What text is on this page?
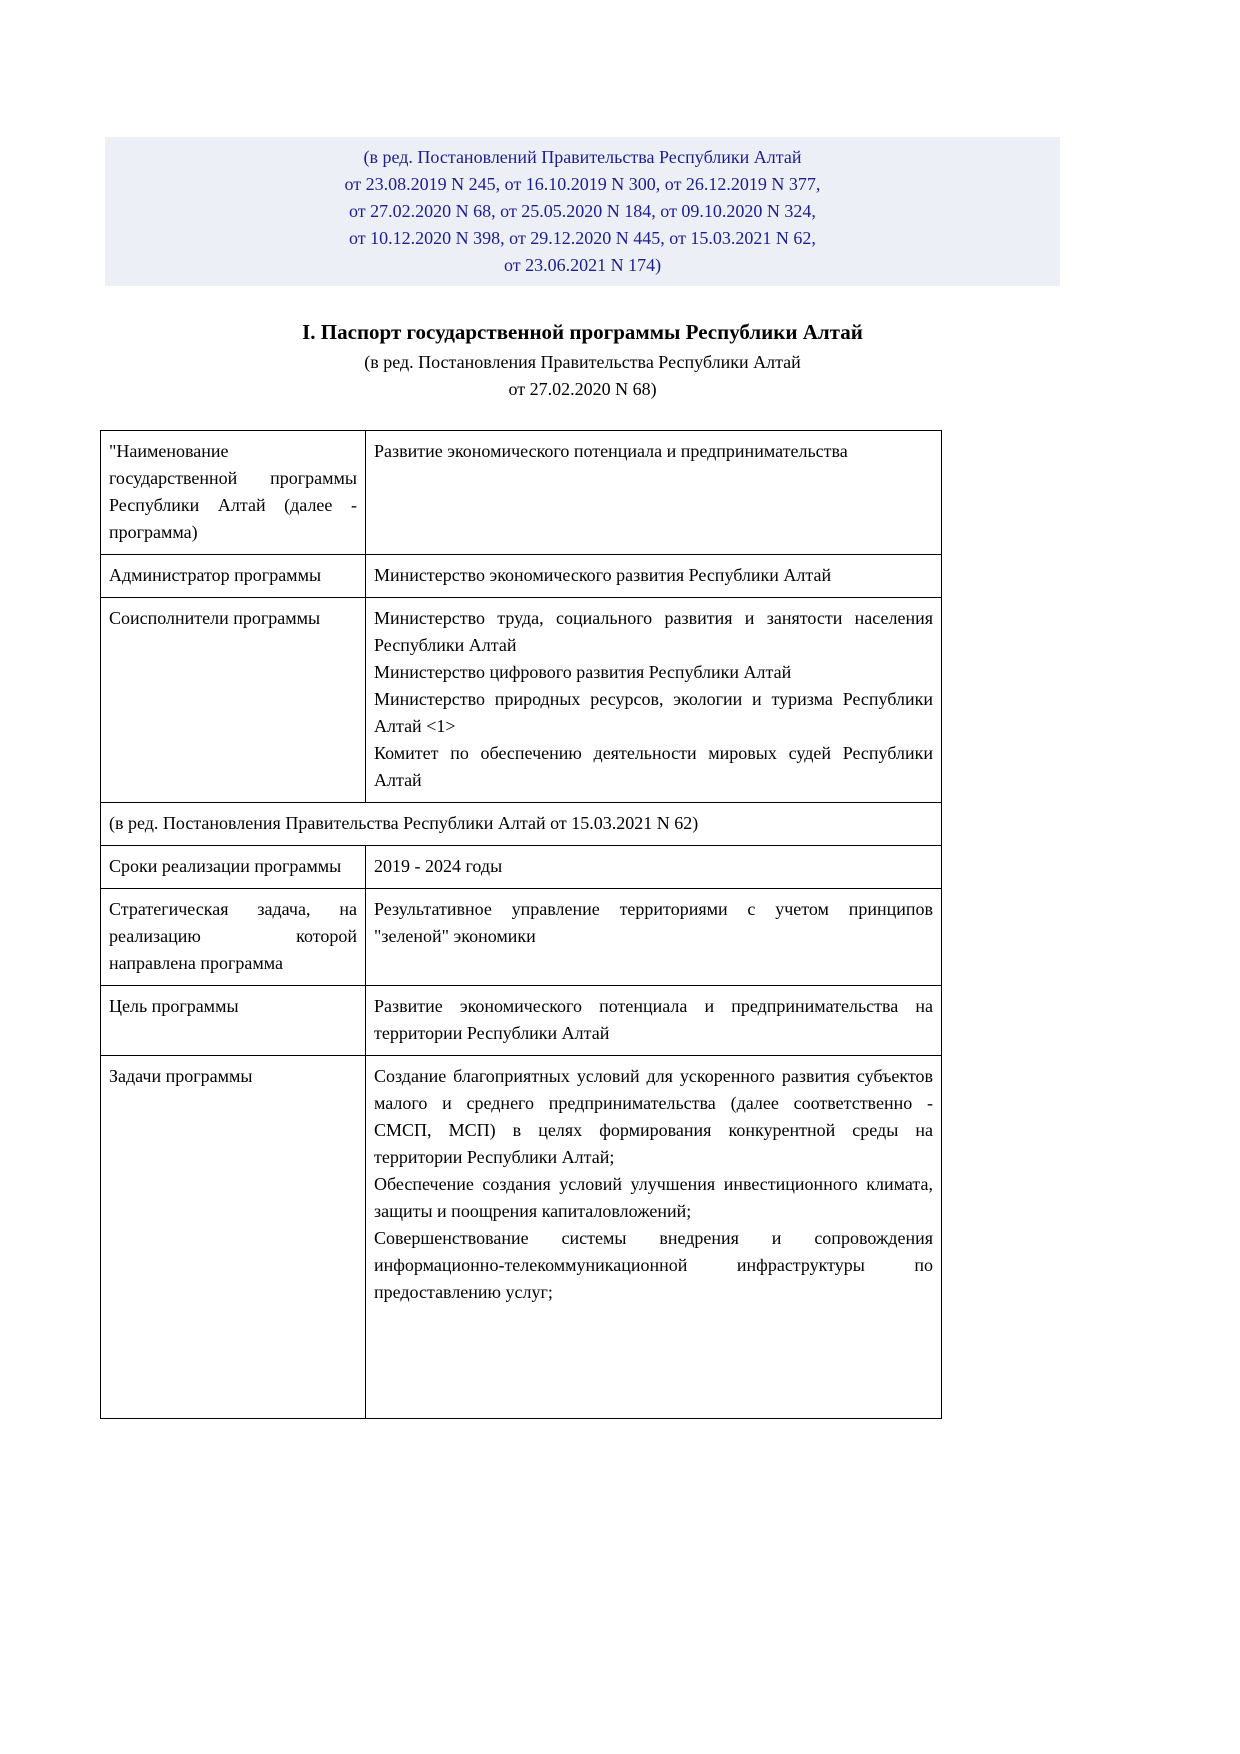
(в ред. Постановлений Правительства Республики Алтай
от 23.08.2019 N 245, от 16.10.2019 N 300, от 26.12.2019 N 377,
от 27.02.2020 N 68, от 25.05.2020 N 184, от 09.10.2020 N 324,
от 10.12.2020 N 398, от 29.12.2020 N 445, от 15.03.2021 N 62,
от 23.06.2021 N 174)
I. Паспорт государственной программы Республики Алтай
(в ред. Постановления Правительства Республики Алтай
от 27.02.2020 N 68)

"Наименование государственной программы Республики Алтай (далее - программа)	Развитие экономического потенциала и предпринимательства

Администратор программы	Министерство экономического развития Республики Алтай

Соисполнители программы	Министерство труда, социального развития и занятости населения Республики Алтай

Министерство цифрового развития Республики Алтай

Министерство природных ресурсов, экологии и туризма Республики Алтай <1>

Комитет по обеспечению деятельности мировых судей Республики Алтай

(в ред. Постановления Правительства Республики Алтай от 15.03.2021 N 62)	

Сроки реализации программы	2019 - 2024 годы

Стратегическая задача, на реализацию которой направлена программа	Результативное управление территориями с учетом принципов "зеленой" экономики

Цель программы	Развитие экономического потенциала и предпринимательства на территории Республики Алтай

Задачи программы	Создание благоприятных условий для ускоренного развития субъектов малого и среднего предпринимательства (далее соответственно - СМСП, МСП) в целях формирования конкурентной среды на территории Республики Алтай;

Обеспечение создания условий улучшения инвестиционного климата, защиты и поощрения капиталовложений;

Совершенствование системы внедрения и сопровождения информационно-телекоммуникационной инфраструктуры по предоставлению услуг;
